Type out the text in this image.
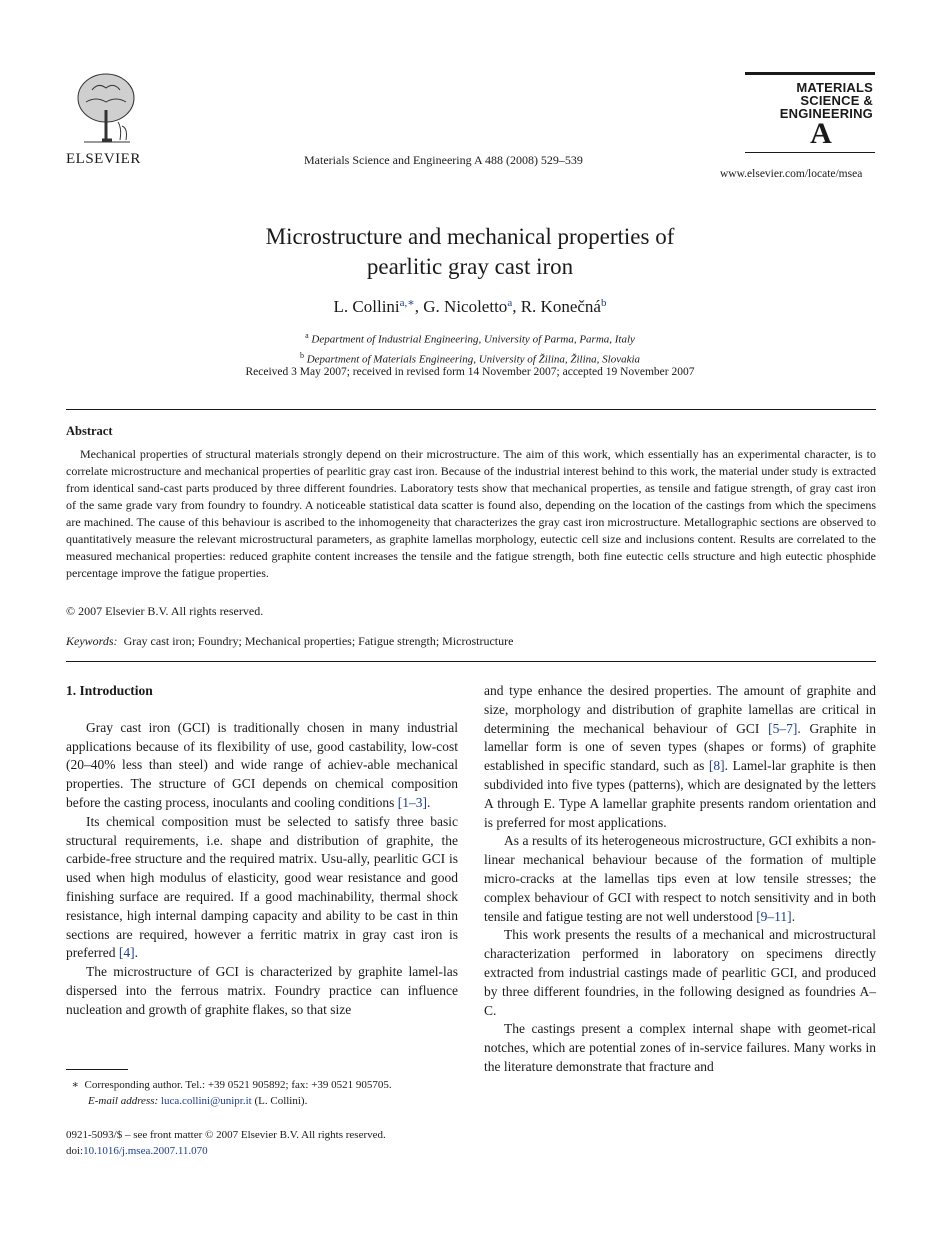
ELSEVIER	Materials Science and Engineering A 488 (2008) 529–539
MATERIALS
SCIENCE &
ENGINEERING
A
www.elsevier.com/locate/msea
Microstructure and mechanical properties of
pearlitic gray cast iron
L. Collini$^{a,∗}$, G. Nicoletto$^a$, R. Konečná$^b$
$^a$ Department of Industrial Engineering, University of Parma, Parma, Italy
$^b$ Department of Materials Engineering, University of Žilina, Žilina, Slovakia
Received 3 May 2007; received in revised form 14 November 2007; accepted 19 November 2007
Abstract
Mechanical properties of structural materials strongly depend on their microstructure. The aim of this work, which essentially has an experimental character, is to correlate microstructure and mechanical properties of pearlitic gray cast iron. Because of the industrial interest behind to this work, the material under study is extracted from identical sand-cast parts produced by three different foundries. Laboratory tests show that mechanical properties, as tensile and fatigue strength, of gray cast iron of the same grade vary from foundry to foundry. A noticeable statistical data scatter is found also, depending on the location of the castings from which the specimens are machined. The cause of this behaviour is ascribed to the inhomogeneity that characterizes the gray cast iron microstructure. Metallographic sections are observed to quantitatively measure the relevant microstructural parameters, as graphite lamellas morphology, eutectic cell size and inclusions content. Results are correlated to the measured mechanical properties: reduced graphite content increases the tensile and the fatigue strength, both fine eutectic cells structure and high eutectic phosphide percentage improve the fatigue properties.
© 2007 Elsevier B.V. All rights reserved.
Keywords: Gray cast iron; Foundry; Mechanical properties; Fatigue strength; Microstructure

1. Introduction

Gray cast iron (GCI) is traditionally chosen in many industrial applications because of its flexibility of use, good castability, low-cost (20–40% less than steel) and wide range of achiev-able mechanical properties. The structure of GCI depends on chemical composition before the casting process, inoculants and cooling conditions [1–3].

Its chemical composition must be selected to satisfy three basic structural requirements, i.e. shape and distribution of graphite, the carbide-free structure and the required matrix. Usu-ally, pearlitic GCI is used when high modulus of elasticity, good wear resistance and good finishing surface are required. If a good machinability, thermal shock resistance, high internal damping capacity and ability to be cast in thin sections are required, however a ferritic matrix in gray cast iron is preferred [4].

The microstructure of GCI is characterized by graphite lamel-las dispersed into the ferrous matrix. Foundry practice can influence nucleation and growth of graphite flakes, so that size

and type enhance the desired properties. The amount of graphite and size, morphology and distribution of graphite lamellas are critical in determining the mechanical behaviour of GCI [5–7]. Graphite in lamellar form is one of seven types (shapes or forms) of graphite established in specific standard, such as [8]. Lamel-lar graphite is then subdivided into five types (patterns), which are designated by the letters A through E. Type A lamellar graphite presents random orientation and is preferred for most applications.

As a results of its heterogeneous microstructure, GCI exhibits a non-linear mechanical behaviour because of the formation of multiple micro-cracks at the lamellas tips even at low tensile stresses; the complex behaviour of GCI with respect to notch sensitivity and in both tensile and fatigue testing are not well understood [9–11].

This work presents the results of a mechanical and microstructural characterization performed in laboratory on specimens directly extracted from industrial castings made of pearlitic GCI, and produced by three different foundries, in the following designed as foundries A–C.

The castings present a complex internal shape with geomet-rical notches, which are potential zones of in-service failures. Many works in the literature demonstrate that fracture and

∗ Corresponding author. Tel.: +39 0521 905892; fax: +39 0521 905705.
E-mail address: luca.collini@unipr.it (L. Collini).
0921-5093/$ – see front matter © 2007 Elsevier B.V. All rights reserved.
doi:10.1016/j.msea.2007.11.070
